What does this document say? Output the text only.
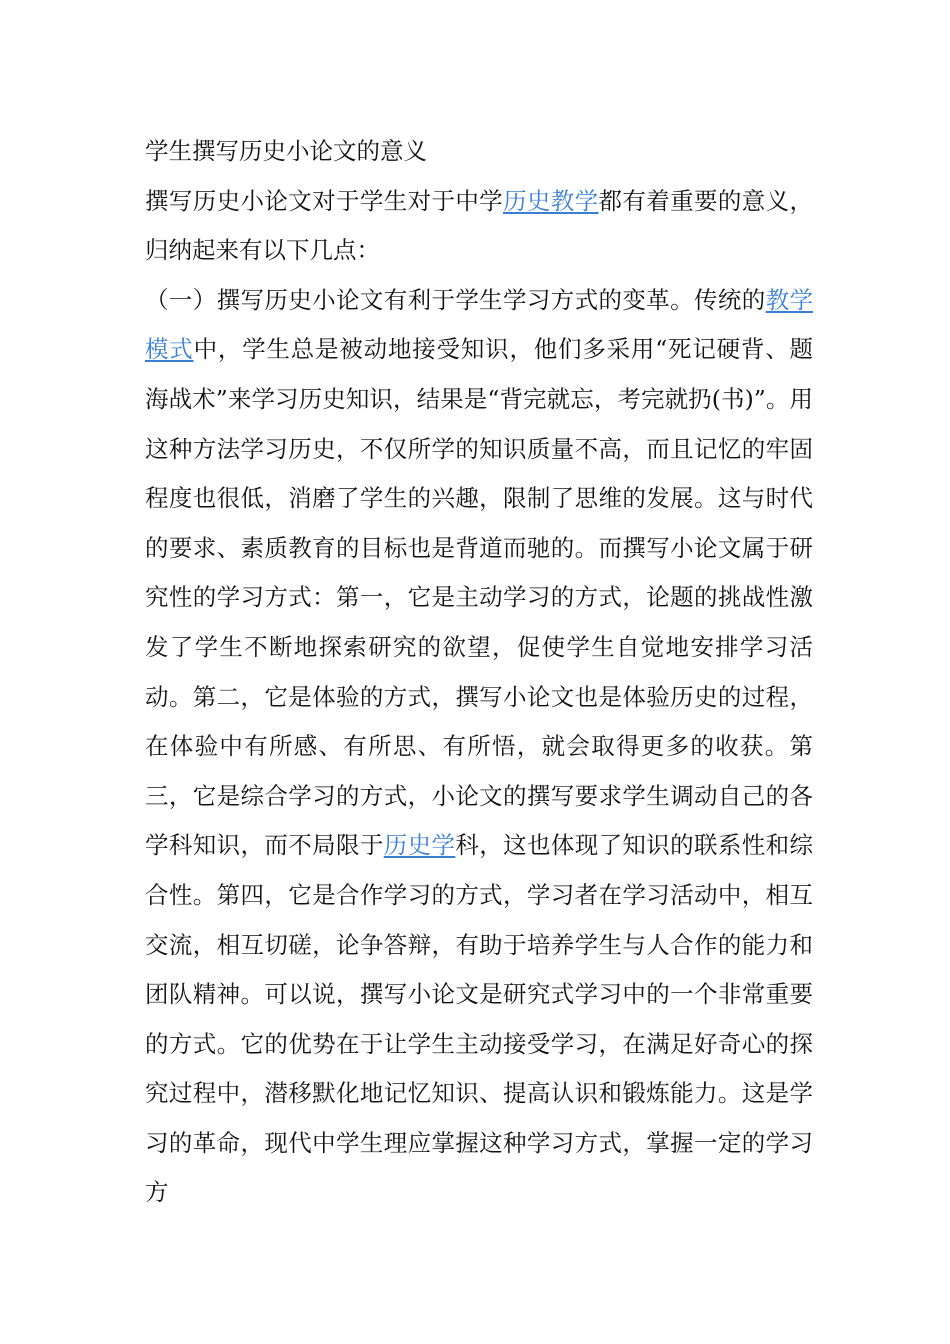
学生撰写历史小论文的意义

撰写历史小论文对于学生对于中学历史教学都有着重要的意义，归纳起来有以下几点：

（一）撰写历史小论文有利于学生学习方式的变革。传统的教学模式中，学生总是被动地接受知识，他们多采用“死记硬背、题海战术”来学习历史知识，结果是“背完就忘，考完就扔(书)”。用这种方法学习历史，不仅所学的知识质量不高，而且记忆的牢固程度也很低，消磨了学生的兴趣，限制了思维的发展。这与时代的要求、素质教育的目标也是背道而驰的。而撰写小论文属于研究性的学习方式：第一，它是主动学习的方式，论题的挑战性激发了学生不断地探索研究的欲望，促使学生自觉地安排学习活动。第二，它是体验的方式，撰写小论文也是体验历史的过程，在体验中有所感、有所思、有所悟，就会取得更多的收获。第三，它是综合学习的方式，小论文的撰写要求学生调动自己的各学科知识，而不局限于历史学科，这也体现了知识的联系性和综合性。第四，它是合作学习的方式，学习者在学习活动中，相互交流，相互切磋，论争答辩，有助于培养学生与人合作的能力和团队精神。可以说，撰写小论文是研究式学习中的一个非常重要的方式。它的优势在于让学生主动接受学习，在满足好奇心的探究过程中，潜移默化地记忆知识、提高认识和锻炼能力。这是学习的革命，现代中学生理应掌握这种学习方式，掌握一定的学习方
